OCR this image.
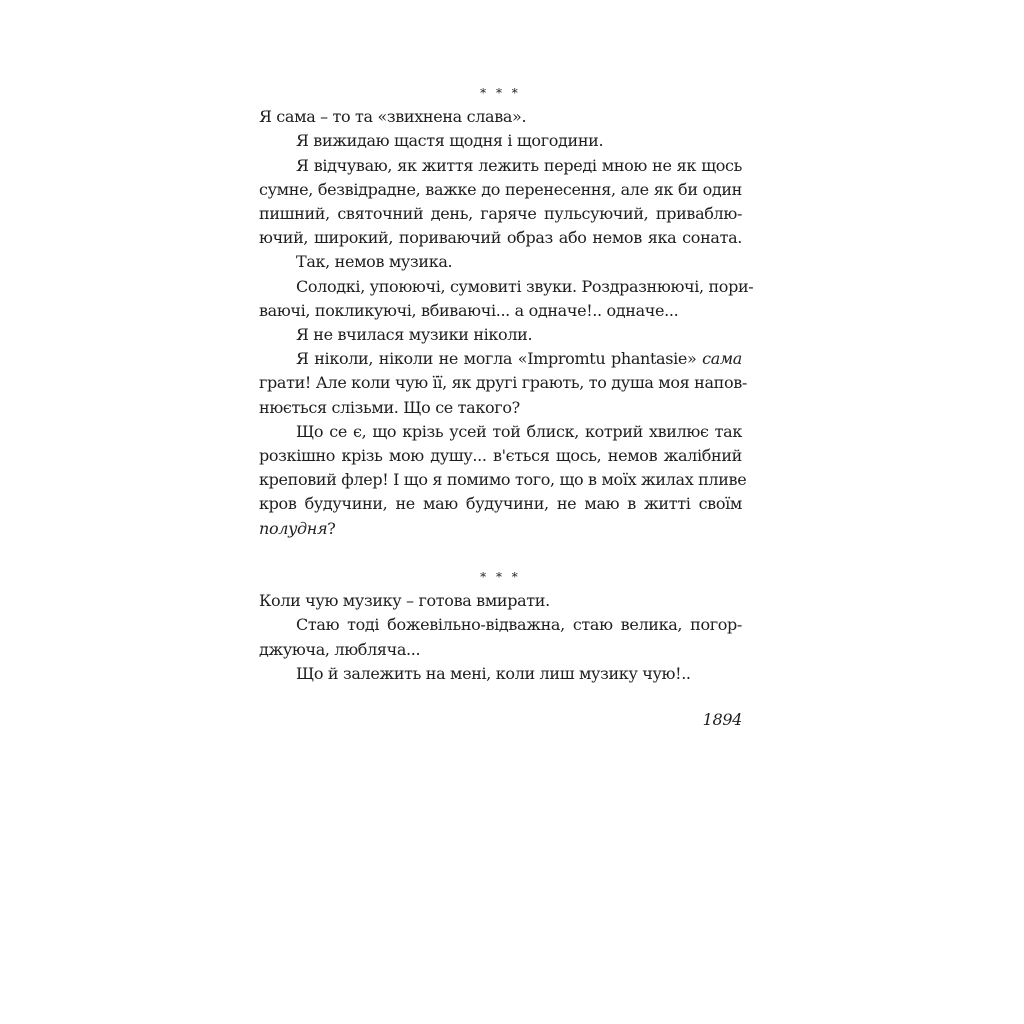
* * *
Я сама – то та «звихнена слава».
Я вижидаю щастя щодня і щогодини.
Я відчуваю, як життя лежить переді мною не як щось
сумне, безвідрадне, важке до перенесення, але як би один
пишний, святочний день, гаряче пульсуючий, приваблю-
ючий, широкий, пориваючий образ або немов яка соната.
Так, немов музика.
Солодкі, упоюючі, сумовиті звуки. Роздразнюючі, пори-
ваючі, покликуючі, вбиваючі... а одначе!.. одначе...
Я не вчилася музики ніколи.
Я ніколи, ніколи не могла «Impromtu phantasie» сама
грати! Але коли чую її, як другі грають, то душа моя напов-
нюється слізьми. Що се такого?
Що се є, що крізь усей той блиск, котрий хвилює так
розкішно крізь мою душу... в'ється щось, немов жалібний
креповий флер! І що я помимо того, що в моїх жилах пливе
кров будучини, не маю будучини, не маю в житті своїм
полудня?
* * *
Коли чую музику – готова вмирати.
Стаю тоді божевільно-відважна, стаю велика, погор-
джуюча, люблячa...
Що й залежить на мені, коли лиш музику чую!..
1894
